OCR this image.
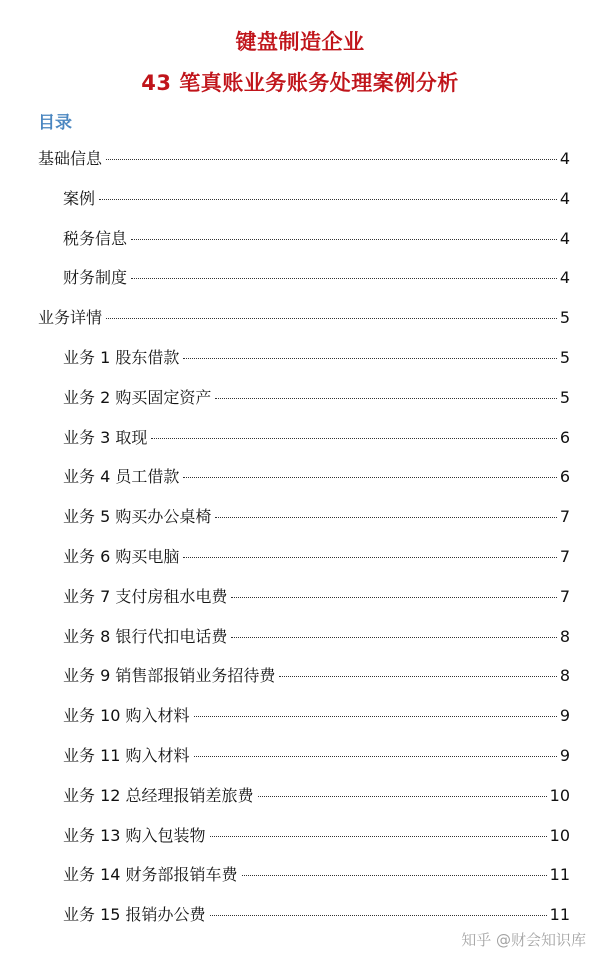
键盘制造企业
43 笔真账业务账务处理案例分析
目录
基础信息	4
案例	4
税务信息	4
财务制度	4
业务详情	5
业务 1 股东借款	5
业务 2 购买固定资产	5
业务 3 取现	6
业务 4 员工借款	6
业务 5 购买办公桌椅	7
业务 6 购买电脑	7
业务 7 支付房租水电费	7
业务 8 银行代扣电话费	8
业务 9 销售部报销业务招待费	8
业务 10 购入材料	9
业务 11 购入材料	9
业务 12 总经理报销差旅费	10
业务 13 购入包装物	10
业务 14 财务部报销车费	11
业务 15 报销办公费	11
知乎 @财会知识库
